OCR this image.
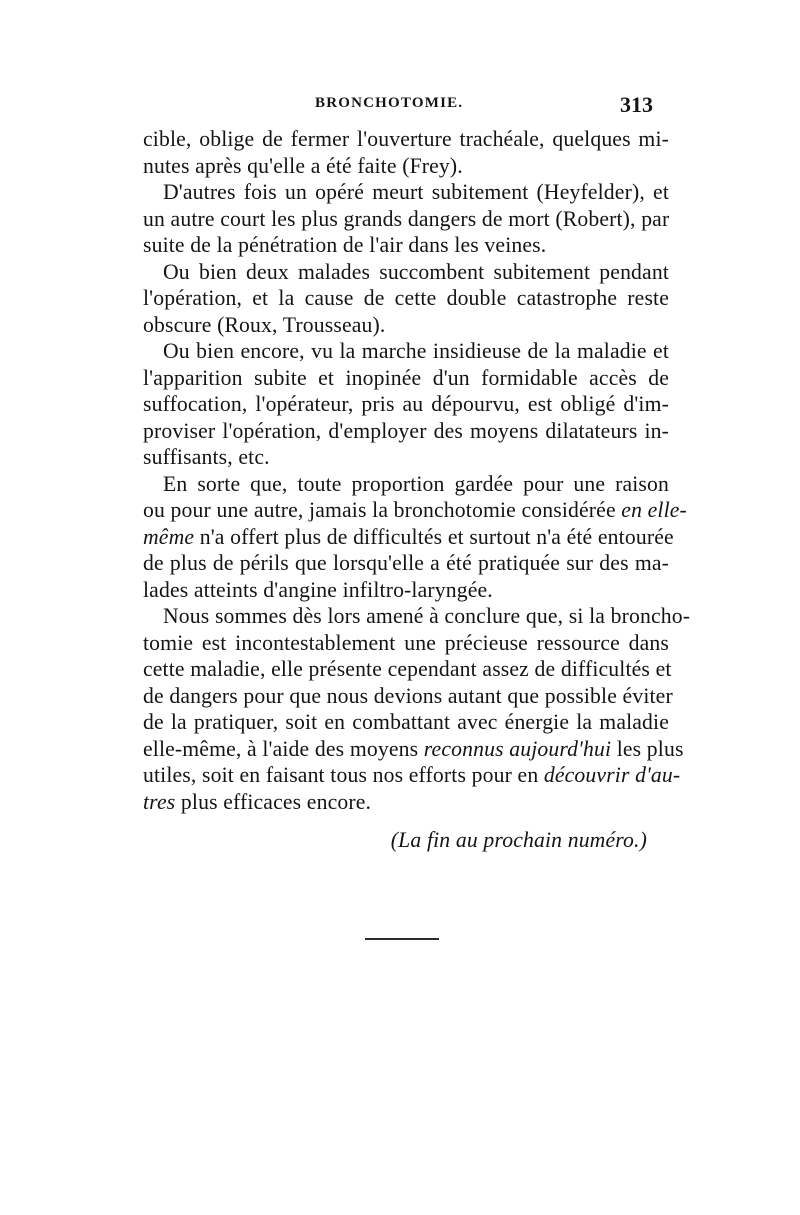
BRONCHOTOMIE.	313

cible, oblige de fermer l'ouverture trachéale, quelques mi-
nutes après qu'elle a été faite (Frey).

D'autres fois un opéré meurt subitement (Heyfelder), et
un autre court les plus grands dangers de mort (Robert), par
suite de la pénétration de l'air dans les veines.

Ou bien deux malades succombent subitement pendant
l'opération, et la cause de cette double catastrophe reste
obscure (Roux, Trousseau).

Ou bien encore, vu la marche insidieuse de la maladie et
l'apparition subite et inopinée d'un formidable accès de
suffocation, l'opérateur, pris au dépourvu, est obligé d'im-
proviser l'opération, d'employer des moyens dilatateurs in-
suffisants, etc.

En sorte que, toute proportion gardée pour une raison
ou pour une autre, jamais la bronchotomie considérée en elle-
même n'a offert plus de difficultés et surtout n'a été entourée
de plus de périls que lorsqu'elle a été pratiquée sur des ma-
lades atteints d'angine infiltro-laryngée.

Nous sommes dès lors amené à conclure que, si la broncho-
tomie est incontestablement une précieuse ressource dans
cette maladie, elle présente cependant assez de difficultés et
de dangers pour que nous devions autant que possible éviter
de la pratiquer, soit en combattant avec énergie la maladie
elle-même, à l'aide des moyens reconnus aujourd'hui les plus
utiles, soit en faisant tous nos efforts pour en découvrir d'au-
tres plus efficaces encore.

(La fin au prochain numéro.)
